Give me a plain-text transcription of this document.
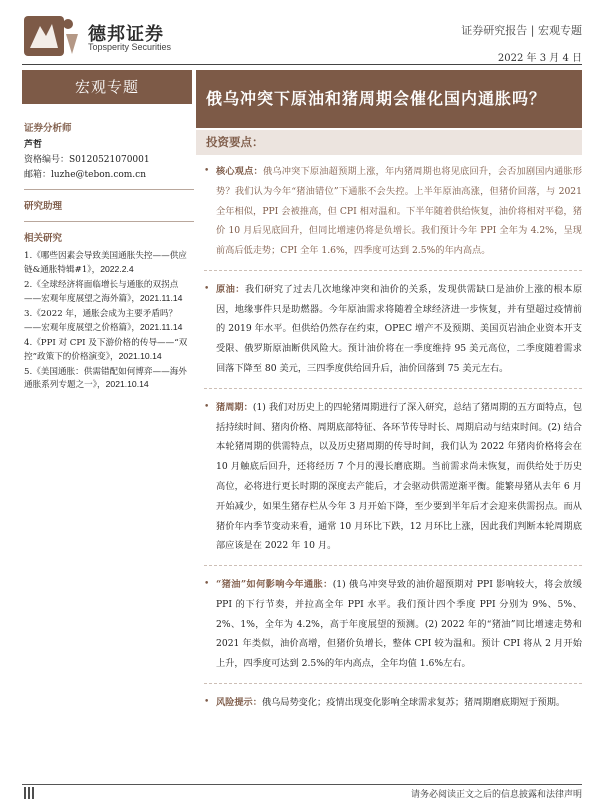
德邦证券
Topsperity Securities
证券研究报告 | 宏观专题
2022 年 3 月 4 日
宏观专题
证券分析师
芦哲
资格编号：S0120521070001
邮箱：luzhe@tebon.com.cn
研究助理
相关研究
1.《哪些因素会导致美国通胀失控——供应链&通胀特辑#1》，2022.2.4
2.《全球经济将面临增长与通胀的双拐点——宏观年度展望之海外篇》，2021.11.14
3.《2022 年，通胀会成为主要矛盾吗？——宏观年度展望之价格篇》，2021.11.14
4.《PPI 对 CPI 及下游价格的传导——“双控”政策下的价格演变》，2021.10.14
5.《美国通胀：供需错配如何博弈——海外通胀系列专题之一》，2021.10.14
俄乌冲突下原油和猪周期会催化国内通胀吗？
投资要点：
• 核心观点：俄乌冲突下原油超预期上涨，年内猪周期也将见底回升，会否加剧国内通胀形势？我们认为今年“猪油错位”下通胀不会失控。上半年原油高涨，但猪价回落，与 2021 全年相似，PPI 会被推高，但 CPI 相对温和。下半年随着供给恢复，油价将相对平稳，猪价 10 月后见底回升，但同比增速仍将是负增长。我们预计今年 PPI 全年为 4.2%，呈现前高后低走势；CPI 全年 1.6%，四季度可达到 2.5%的年内高点。
• 原油：我们研究了过去几次地缘冲突和油价的关系，发现供需缺口是油价上涨的根本原因，地缘事件只是助燃器。今年原油需求将随着全球经济进一步恢复，并有望超过疫情前的 2019 年水平。但供给仍然存在约束，OPEC 增产不及预期、美国页岩油企业资本开支受限、俄罗斯原油断供风险大。预计油价将在一季度维持 95 美元高位，二季度随着需求回落下降至 80 美元，三四季度供给回升后，油价回落到 75 美元左右。
• 猪周期：(1) 我们对历史上的四轮猪周期进行了深入研究，总结了猪周期的五方面特点，包括持续时间、猪肉价格、周期底部特征、各环节传导时长、周期启动与结束时间。(2) 结合本轮猪周期的供需特点，以及历史猪周期的传导时间，我们认为 2022 年猪肉价格将会在 10 月触底后回升，还将经历 7 个月的漫长磨底期。当前需求尚未恢复，而供给处于历史高位，必将进行更长时期的深度去产能后，才会驱动供需逆渐平衡。能繁母猪从去年 6 月开始减少，如果生猪存栏从今年 3 月开始下降，至少要到半年后才会迎来供需拐点。而从猪价年内季节变动来看，通常 10 月环比下跌，12 月环比上涨，因此我们判断本轮周期底部应该是在 2022 年 10 月。
• “猪油”如何影响今年通胀：(1) 俄乌冲突导致的油价超预期对 PPI 影响较大，将会放缓 PPI 的下行节奏，并拉高全年 PPI 水平。我们预计四个季度 PPI 分别为 9%、5%、2%、1%，全年为 4.2%，高于年度展望的预测。(2) 2022 年的“猪油”同比增速走势和 2021 年类似，油价高增，但猪价负增长，整体 CPI 较为温和。预计 CPI 将从 2 月开始上升，四季度可达到 2.5%的年内高点，全年均值 1.6%左右。
• 风险提示：俄乌局势变化；疫情出现变化影响全球需求复苏；猪周期磨底期短于预期。
请务必阅读正文之后的信息披露和法律声明
